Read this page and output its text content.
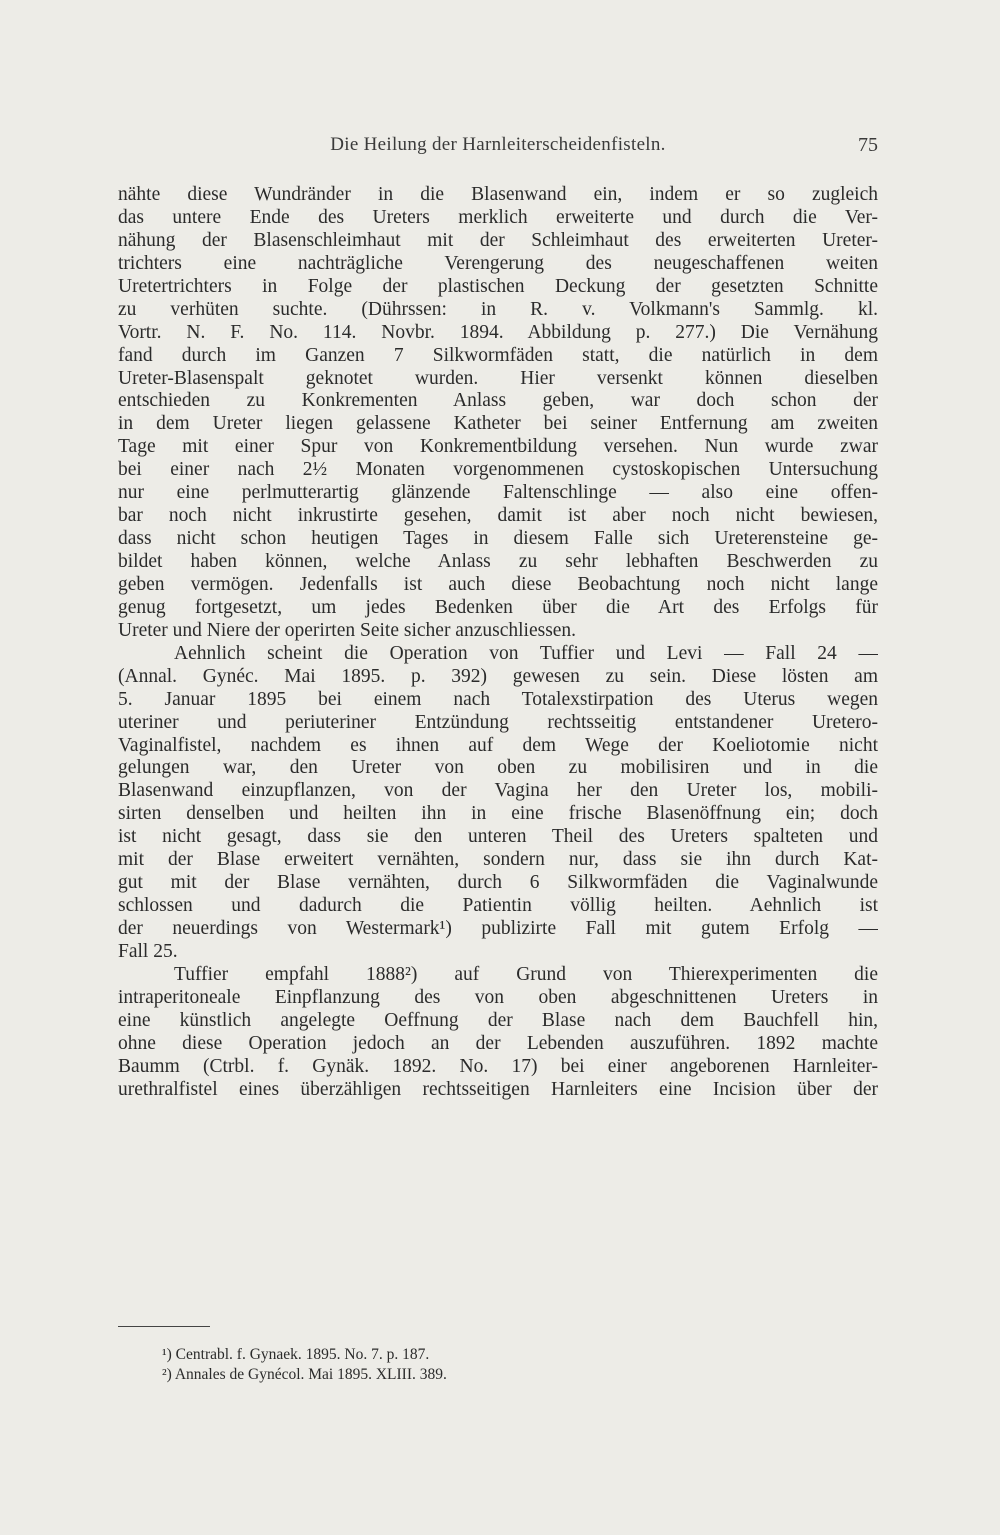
Die Heilung der Harnleiterscheidenfisteln.	75
nähte diese Wundränder in die Blasenwand ein, indem er so zugleich
das untere Ende des Ureters merklich erweiterte und durch die Ver-
nähung der Blasenschleimhaut mit der Schleimhaut des erweiterten Ureter-
trichters eine nachträgliche Verengerung des neugeschaffenen weiten
Uretertrichters in Folge der plastischen Deckung der gesetzten Schnitte
zu verhüten suchte. (Dührssen: in R. v. Volkmann's Sammlg. kl.
Vortr. N. F. No. 114. Novbr. 1894. Abbildung p. 277.) Die Vernähung
fand durch im Ganzen 7 Silkwormfäden statt, die natürlich in dem
Ureter-Blasenspalt geknotet wurden. Hier versenkt können dieselben
entschieden zu Konkrementen Anlass geben, war doch schon der
in dem Ureter liegen gelassene Katheter bei seiner Entfernung am zweiten
Tage mit einer Spur von Konkrementbildung versehen. Nun wurde zwar
bei einer nach 2½ Monaten vorgenommenen cystoskopischen Untersuchung
nur eine perlmutterartig glänzende Faltenschlinge — also eine offen-
bar noch nicht inkrustirte gesehen, damit ist aber noch nicht bewiesen,
dass nicht schon heutigen Tages in diesem Falle sich Ureterensteine ge-
bildet haben können, welche Anlass zu sehr lebhaften Beschwerden zu
geben vermögen. Jedenfalls ist auch diese Beobachtung noch nicht lange
genug fortgesetzt, um jedes Bedenken über die Art des Erfolgs für
Ureter und Niere der operirten Seite sicher anzuschliessen.
Aehnlich scheint die Operation von Tuffier und Levi — Fall 24 —
(Annal. Gynéc. Mai 1895. p. 392) gewesen zu sein. Diese lösten am
5. Januar 1895 bei einem nach Totalexstirpation des Uterus wegen
uteriner und periuteriner Entzündung rechtsseitig entstandener Uretero-
Vaginalfistel, nachdem es ihnen auf dem Wege der Koeliotomie nicht
gelungen war, den Ureter von oben zu mobilisiren und in die
Blasenwand einzupflanzen, von der Vagina her den Ureter los, mobili-
sirten denselben und heilten ihn in eine frische Blasenöffnung ein; doch
ist nicht gesagt, dass sie den unteren Theil des Ureters spalteten und
mit der Blase erweitert vernähten, sondern nur, dass sie ihn durch Kat-
gut mit der Blase vernähten, durch 6 Silkwormfäden die Vaginalwunde
schlossen und dadurch die Patientin völlig heilten. Aehnlich ist
der neuerdings von Westermark¹) publizirte Fall mit gutem Erfolg —
Fall 25.
Tuffier empfahl 1888²) auf Grund von Thierexperimenten die
intraperitoneale Einpflanzung des von oben abgeschnittenen Ureters in
eine künstlich angelegte Oeffnung der Blase nach dem Bauchfell hin,
ohne diese Operation jedoch an der Lebenden auszuführen. 1892 machte
Baumm (Ctrbl. f. Gynäk. 1892. No. 17) bei einer angeborenen Harnleiter-
urethralfistel eines überzähligen rechtsseitigen Harnleiters eine Incision über der
¹) Centrabl. f. Gynaek. 1895. No. 7. p. 187.
²) Annales de Gynécol. Mai 1895. XLIII. 389.
